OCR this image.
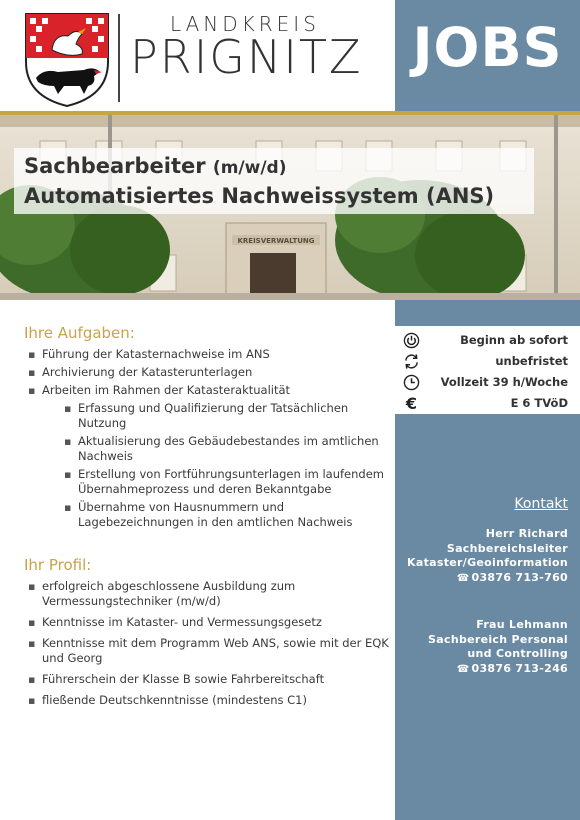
LANDKREIS
PRIGNITZ JOBS
KREISVERWALTUNG
Sachbearbeiter (m/w/d)
Automatisiertes Nachweissystem (ANS)
Ihre Aufgaben:
▪ Führung der Katasternachweise im ANS
▪ Archivierung der Katasterunterlagen
▪ Arbeiten im Rahmen der Katasteraktualität
▪ Erfassung und Qualifizierung der Tatsächlichen Nutzung
▪ Aktualisierung des Gebäudebestandes im amtlichen Nachweis
▪ Erstellung von Fortführungsunterlagen im laufendem Übernahmeprozess und deren Bekanntgabe
▪ Übernahme von Hausnummern und Lagebezeichnungen in den amtlichen Nachweis
Ihr Profil:
▪ erfolgreich abgeschlossene Ausbildung zum Vermessungstechniker (m/w/d)
▪ Kenntnisse im Kataster- und Vermessungsgesetz
▪ Kenntnisse mit dem Programm Web ANS, sowie mit der EQK und Georg
▪ Führerschein der Klasse B sowie Fahrbereitschaft
▪ fließende Deutschkenntnisse (mindestens C1)
Beginn ab sofort
unbefristet
Vollzeit 39 h/Woche
€	E 6 TVöD
Kontakt
Herr Richard
Sachbereichsleiter
Kataster/Geoinformation
☎ 03876 713-760
Frau Lehmann
Sachbereich Personal
und Controlling
☎ 03876 713-246
